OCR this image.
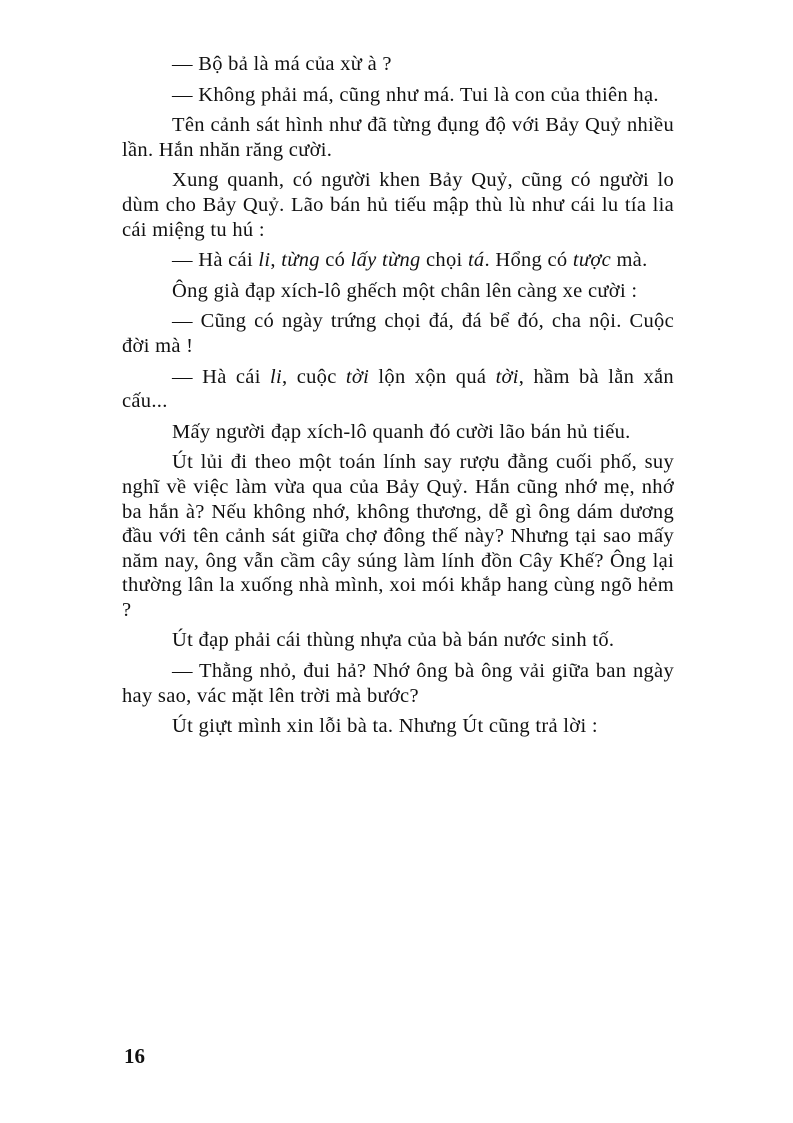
— Bộ bả là má của xừ à ?

— Không phải má, cũng như má. Tui là con của thiên hạ.

Tên cảnh sát hình như đã từng đụng độ với Bảy Quỷ nhiều lần. Hắn nhăn răng cười.

Xung quanh, có người khen Bảy Quỷ, cũng có người lo dùm cho Bảy Quỷ. Lão bán hủ tiếu mập thù lù như cái lu tía lia cái miệng tu hú :

— Hà cái li, từng có lấy từng chọi tá. Hổng có tược mà.

Ông già đạp xích-lô ghếch một chân lên càng xe cười :

— Cũng có ngày trứng chọi đá, đá bể đó, cha nội. Cuộc đời mà !

— Hà cái li, cuộc tời lộn xộn quá tời, hầm bà lằn xắn cấu...

Mấy người đạp xích-lô quanh đó cười lão bán hủ tiếu.

Út lủi đi theo một toán lính say rượu đằng cuối phố, suy nghĩ về việc làm vừa qua của Bảy Quỷ. Hắn cũng nhớ mẹ, nhớ ba hắn à? Nếu không nhớ, không thương, dễ gì ông dám dương đầu với tên cảnh sát giữa chợ đông thế này? Nhưng tại sao mấy năm nay, ông vẫn cầm cây súng làm lính đồn Cây Khế? Ông lại thường lân la xuống nhà mình, xoi mói khắp hang cùng ngõ hẻm ?

Út đạp phải cái thùng nhựa của bà bán nước sinh tố.

— Thằng nhỏ, đui hả? Nhớ ông bà ông vải giữa ban ngày hay sao, vác mặt lên trời mà bước?

Út giựt mình xin lỗi bà ta. Nhưng Út cũng trả lời :

16
